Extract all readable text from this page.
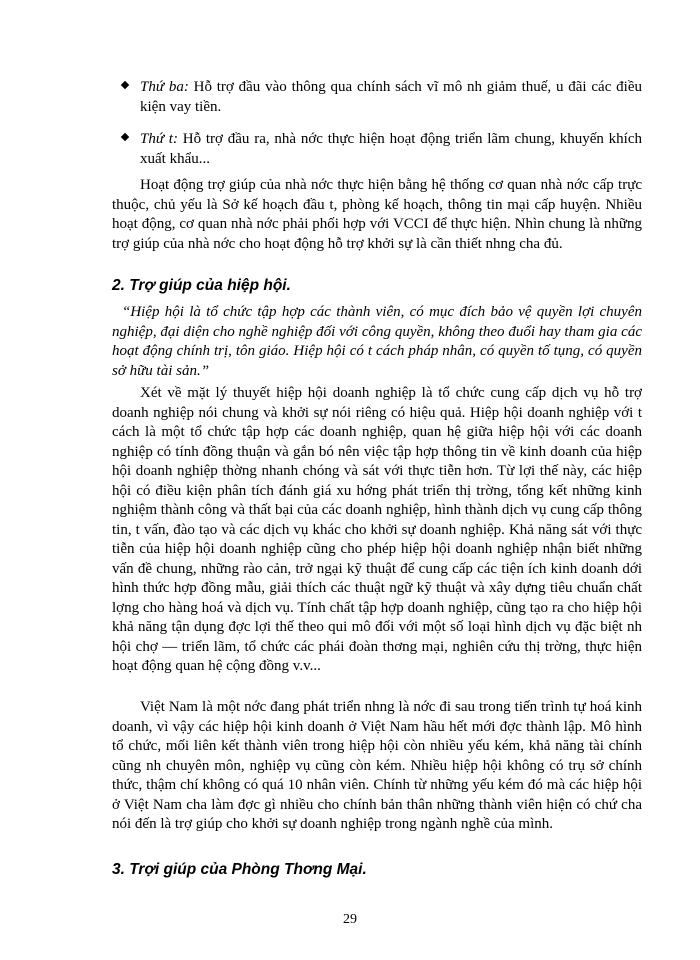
Thứ ba: Hỗ trợ đầu vào thông qua chính sách vĩ mô nh giảm thuế, u đãi các điều kiện vay tiền.
Thứ t: Hỗ trợ đầu ra, nhà nớc thực hiện hoạt động triển lãm chung, khuyến khích xuất khẩu...
Hoạt động trợ giúp của nhà nớc thực hiện bằng hệ thống cơ quan nhà nớc cấp trực thuộc, chủ yếu là Sở kế hoạch đầu t, phòng kế hoạch, thông tin mại cấp huyện. Nhiều hoạt động, cơ quan nhà nớc phải phối hợp với VCCI để thực hiện. Nhìn chung là những trợ giúp của nhà nớc cho hoạt động hỗ trợ khởi sự là cần thiết nhng cha đủ.
2. Trợ giúp của hiệp hội.
“Hiệp hội là tổ chức tập hợp các thành viên, có mục đích bảo vệ quyền lợi chuyên nghiệp, đại diện cho nghề nghiệp đối với công quyền, không theo đuổi hay tham gia các hoạt động chính trị, tôn giáo. Hiệp hội có t cách pháp nhân, có quyền tố tụng, có quyền sở hữu tài sản.”
Xét về mặt lý thuyết hiệp hội doanh nghiệp là tổ chức cung cấp dịch vụ hỗ trợ doanh nghiệp nói chung và khởi sự nói riêng có hiệu quả. Hiệp hội doanh nghiệp với t cách là một tổ chức tập hợp các doanh nghiệp, quan hệ giữa hiệp hội với các doanh nghiệp có tính đồng thuận và gắn bó nên việc tập hợp thông tin về kinh doanh của hiệp hội doanh nghiệp thờng nhanh chóng và sát với thực tiễn hơn. Từ lợi thế này, các hiệp hội có điều kiện phân tích đánh giá xu hớng phát triển thị trờng, tổng kết những kinh nghiệm thành công và thất bại của các doanh nghiệp, hình thành dịch vụ cung cấp thông tin, t vấn, đào tạo và các dịch vụ khác cho khởi sự doanh nghiệp. Khả năng sát với thực tiễn của hiệp hội doanh nghiệp cũng cho phép hiệp hội doanh nghiệp nhận biết những vấn đề chung, những rào cản, trở ngại kỹ thuật để cung cấp các tiện ích kinh doanh dới hình thức hợp đồng mẫu, giải thích các thuật ngữ kỹ thuật và xây dựng tiêu chuẩn chất lợng cho hàng hoá và dịch vụ. Tính chất tập hợp doanh nghiệp, cũng tạo ra cho hiệp hội khả năng tận dụng đợc lợi thế theo qui mô đối với một số loại hình dịch vụ đặc biệt nh hội chợ — triển lãm, tổ chức các phái đoàn thơng mại, nghiên cứu thị trờng, thực hiện hoạt động quan hệ cộng đồng v.v...
Việt Nam là một nớc đang phát triển nhng là nớc đi sau trong tiến trình tự hoá kinh doanh, vì vậy các hiệp hội kinh doanh ở Việt Nam hầu hết mới đợc thành lập. Mô hình tổ chức, mối liên kết thành viên trong hiệp hội còn nhiều yếu kém, khả năng tài chính cũng nh chuyên môn, nghiệp vụ cũng còn kém. Nhiều hiệp hội không có trụ sở chính thức, thậm chí không có quá 10 nhân viên. Chính từ những yếu kém đó mà các hiệp hội ở Việt Nam cha làm đợc gì nhiều cho chính bản thân những thành viên hiện có chứ cha nói đến là trợ giúp cho khởi sự doanh nghiệp trong ngành nghề của mình.
3. Trợi giúp của Phòng Thơng Mại.
29
